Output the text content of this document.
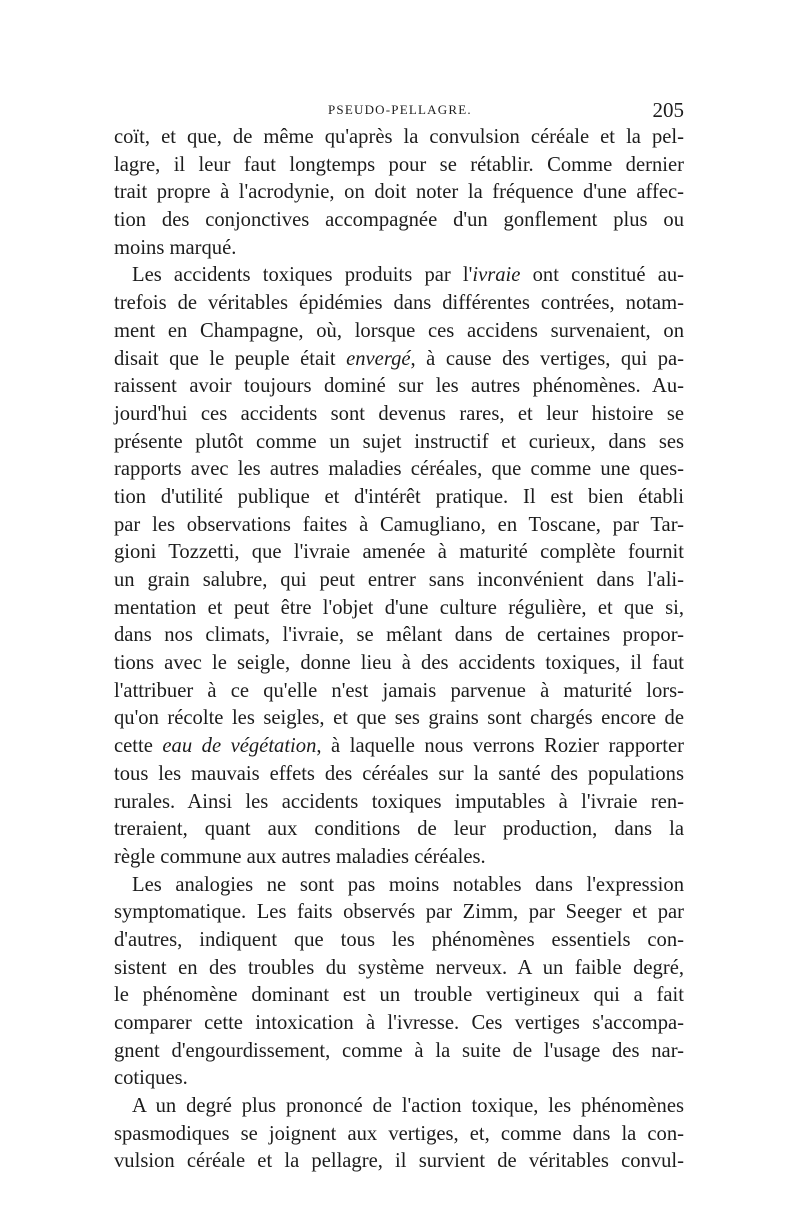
PSEUDO-PELLAGRE.	205
coït, et que, de même qu'après la convulsion céréale et la pel-
lagre, il leur faut longtemps pour se rétablir. Comme dernier
trait propre à l'acrodynie, on doit noter la fréquence d'une affec-
tion des conjonctives accompagnée d'un gonflement plus ou
moins marqué.
Les accidents toxiques produits par l'ivraie ont constitué au-
trefois de véritables épidémies dans différentes contrées, notam-
ment en Champagne, où, lorsque ces accidens survenaient, on
disait que le peuple était envergé, à cause des vertiges, qui pa-
raissent avoir toujours dominé sur les autres phénomènes. Au-
jourd'hui ces accidents sont devenus rares, et leur histoire se
présente plutôt comme un sujet instructif et curieux, dans ses
rapports avec les autres maladies céréales, que comme une ques-
tion d'utilité publique et d'intérêt pratique. Il est bien établi
par les observations faites à Camugliano, en Toscane, par Tar-
gioni Tozzetti, que l'ivraie amenée à maturité complète fournit
un grain salubre, qui peut entrer sans inconvénient dans l'ali-
mentation et peut être l'objet d'une culture régulière, et que si,
dans nos climats, l'ivraie, se mêlant dans de certaines propor-
tions avec le seigle, donne lieu à des accidents toxiques, il faut
l'attribuer à ce qu'elle n'est jamais parvenue à maturité lors-
qu'on récolte les seigles, et que ses grains sont chargés encore de
cette eau de végétation, à laquelle nous verrons Rozier rapporter
tous les mauvais effets des céréales sur la santé des populations
rurales. Ainsi les accidents toxiques imputables à l'ivraie ren-
treraient, quant aux conditions de leur production, dans la
règle commune aux autres maladies céréales.
Les analogies ne sont pas moins notables dans l'expression
symptomatique. Les faits observés par Zimm, par Seeger et par
d'autres, indiquent que tous les phénomènes essentiels con-
sistent en des troubles du système nerveux. A un faible degré,
le phénomène dominant est un trouble vertigineux qui a fait
comparer cette intoxication à l'ivresse. Ces vertiges s'accompa-
gnent d'engourdissement, comme à la suite de l'usage des nar-
cotiques.
A un degré plus prononcé de l'action toxique, les phénomènes
spasmodiques se joignent aux vertiges, et, comme dans la con-
vulsion céréale et la pellagre, il survient de véritables convul-
